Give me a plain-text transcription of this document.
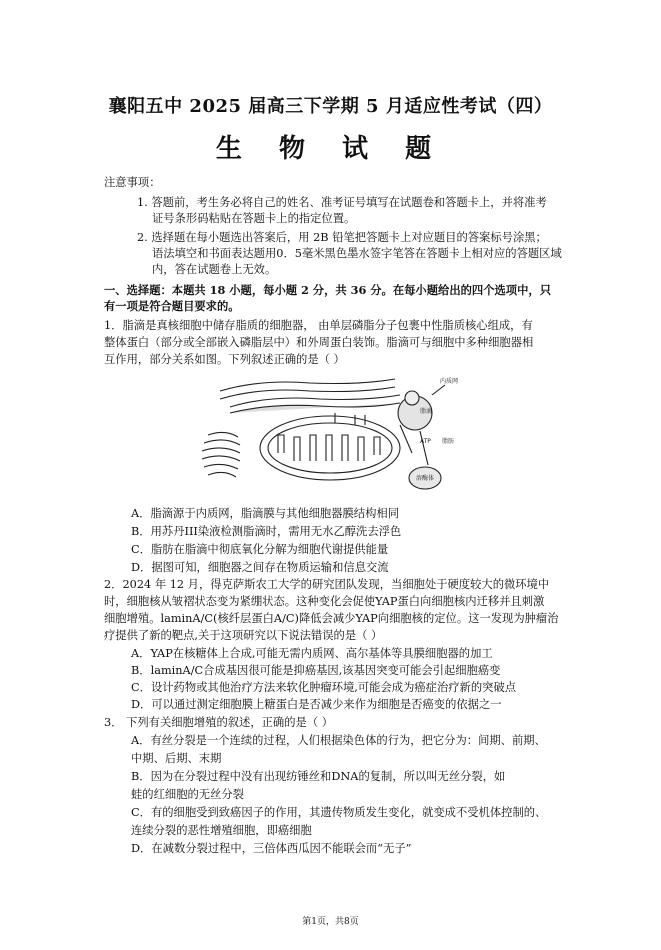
襄阳五中 2025 届高三下学期 5 月适应性考试（四）
生 物 试 题
注意事项：
1. 答题前，考生务必将自己的姓名、准考证号填写在试题卷和答题卡上，并将准考
证号条形码粘贴在答题卡上的指定位置。
2. 选择题在每小题选出答案后，用 2B 铅笔把答题卡上对应题目的答案标号涂黑；
语法填空和书面表达题用0．5毫米黑色墨水签字笔答在答题卡上相对应的答题区域
内，答在试题卷上无效。
一、选择题：本题共 18 小题，每小题 2 分，共 36 分。在每小题给出的四个选项中，只
有一项是符合题目要求的。
1．脂滴是真核细胞中储存脂质的细胞器， 由单层磷脂分子包裹中性脂质核心组成，有
整体蛋白（部分或全部嵌入磷脂层中）和外周蛋白装饰。脂滴可与细胞中多种细胞器相
互作用，部分关系如图。下列叙述正确的是（ ）
内质网
脂滴
ATP 脂肪
溶酶体
A．脂滴源于内质网，脂滴膜与其他细胞器膜结构相同
B．用苏丹III染液检测脂滴时，需用无水乙醇洗去浮色
C．脂肪在脂滴中彻底氧化分解为细胞代谢提供能量
D．据图可知，细胞器之间存在物质运输和信息交流
2．2024 年 12 月，得克萨斯农工大学的研究团队发现，当细胞处于硬度较大的微环境中
时，细胞核从皱褶状态变为紧绷状态。这种变化会促使YAP蛋白向细胞核内迁移并且刺激
细胞增殖。laminA/C(核纤层蛋白A/C)降低会减少YAP向细胞核的定位。这一发现为肿瘤治
疗提供了新的靶点,关于这项研究以下说法错误的是（ ）
A．YAP在核糖体上合成,可能无需内质网、高尔基体等具膜细胞器的加工
B．laminA/C合成基因很可能是抑癌基因,该基因突变可能会引起细胞癌变
C．设计药物或其他治疗方法来软化肿瘤环境,可能会成为癌症治疗新的突破点
D．可以通过测定细胞膜上糖蛋白是否减少来作为细胞是否癌变的依据之一
3． 下列有关细胞增殖的叙述，正确的是（ ）
A．有丝分裂是一个连续的过程，人们根据染色体的行为，把它分为：间期、前期、
中期、后期、末期
B．因为在分裂过程中没有出现纺锤丝和DNA的复制，所以叫无丝分裂，如
蛙的红细胞的无丝分裂
C．有的细胞受到致癌因子的作用，其遗传物质发生变化，就变成不受机体控制的、
连续分裂的恶性增殖细胞，即癌细胞
D．在减数分裂过程中，三倍体西瓜因不能联会而“无子”
第1页，共8页
